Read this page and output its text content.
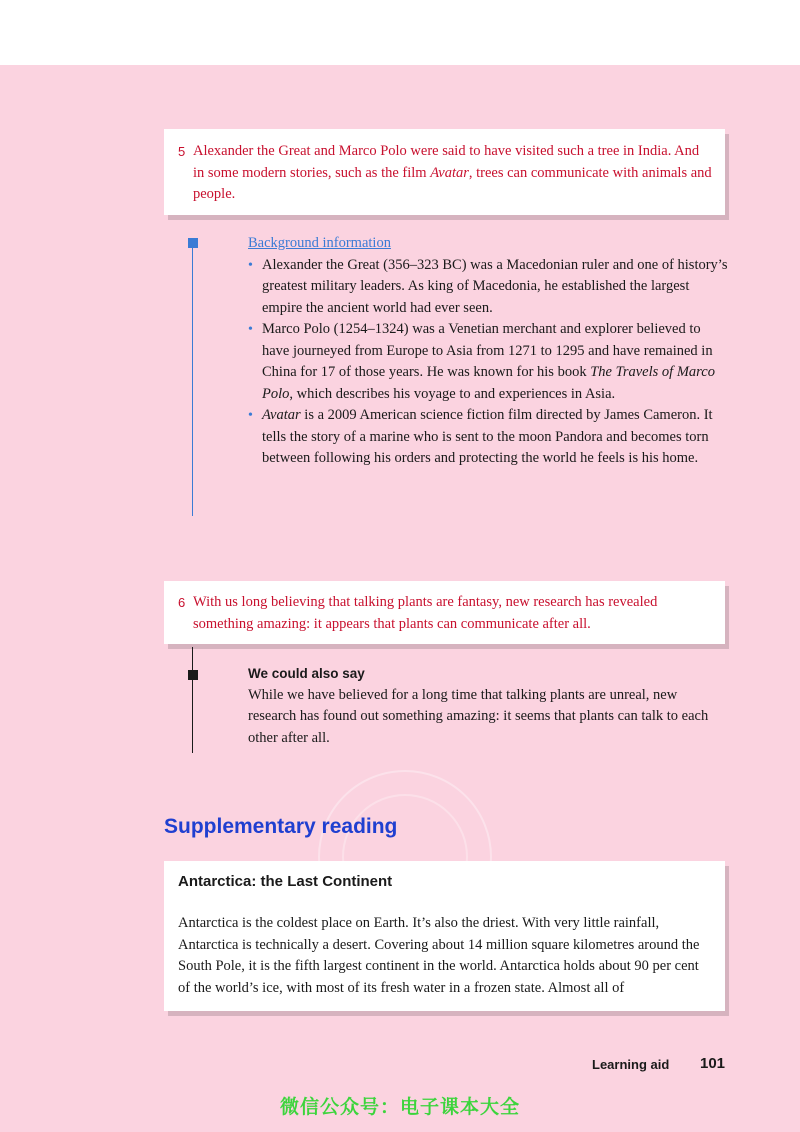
5 Alexander the Great and Marco Polo were said to have visited such a tree in India. And in some modern stories, such as the film Avatar, trees can communicate with animals and people.
Background information
• Alexander the Great (356–323 BC) was a Macedonian ruler and one of history’s greatest military leaders. As king of Macedonia, he established the largest empire the ancient world had ever seen.
• Marco Polo (1254–1324) was a Venetian merchant and explorer believed to have journeyed from Europe to Asia from 1271 to 1295 and have remained in China for 17 of those years. He was known for his book The Travels of Marco Polo, which describes his voyage to and experiences in Asia.
• Avatar is a 2009 American science fiction film directed by James Cameron. It tells the story of a marine who is sent to the moon Pandora and becomes torn between following his orders and protecting the world he feels is his home.
6 With us long believing that talking plants are fantasy, new research has revealed something amazing: it appears that plants can communicate after all.
We could also say
While we have believed for a long time that talking plants are unreal, new research has found out something amazing: it seems that plants can talk to each other after all.
Supplementary reading
Antarctica: the Last Continent
Antarctica is the coldest place on Earth. It’s also the driest. With very little rainfall, Antarctica is technically a desert. Covering about 14 million square kilometres around the South Pole, it is the fifth largest continent in the world. Antarctica holds about 90 per cent of the world’s ice, with most of its fresh water in a frozen state. Almost all of
Learning aid 101
微信公众号：电子课本大全
